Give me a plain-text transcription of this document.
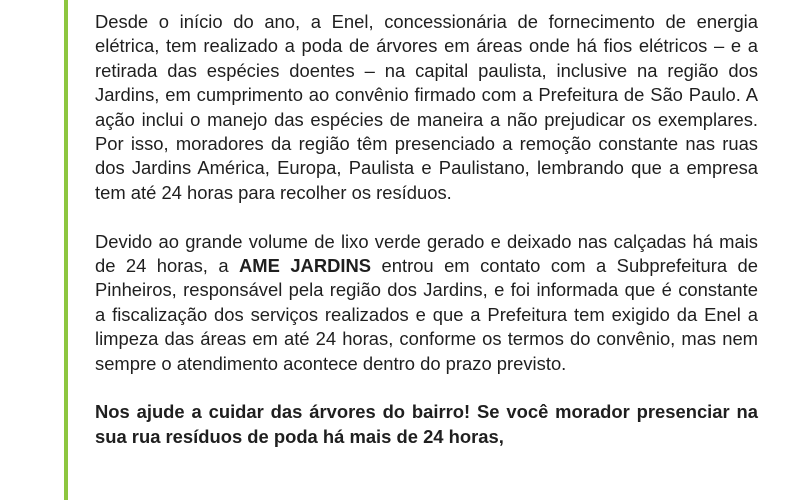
Desde o início do ano, a Enel, concessionária de fornecimento de energia elétrica, tem realizado a poda de árvores em áreas onde há fios elétricos – e a retirada das espécies doentes – na capital paulista, inclusive na região dos Jardins, em cumprimento ao convênio firmado com a Prefeitura de São Paulo. A ação inclui o manejo das espécies de maneira a não prejudicar os exemplares. Por isso, moradores da região têm presenciado a remoção constante nas ruas dos Jardins América, Europa, Paulista e Paulistano, lembrando que a empresa tem até 24 horas para recolher os resíduos.

Devido ao grande volume de lixo verde gerado e deixado nas calçadas há mais de 24 horas, a AME JARDINS entrou em contato com a Subprefeitura de Pinheiros, responsável pela região dos Jardins, e foi informada que é constante a fiscalização dos serviços realizados e que a Prefeitura tem exigido da Enel a limpeza das áreas em até 24 horas, conforme os termos do convênio, mas nem sempre o atendimento acontece dentro do prazo previsto.

Nos ajude a cuidar das árvores do bairro! Se você morador presenciar na sua rua resíduos de poda há mais de 24 horas,
